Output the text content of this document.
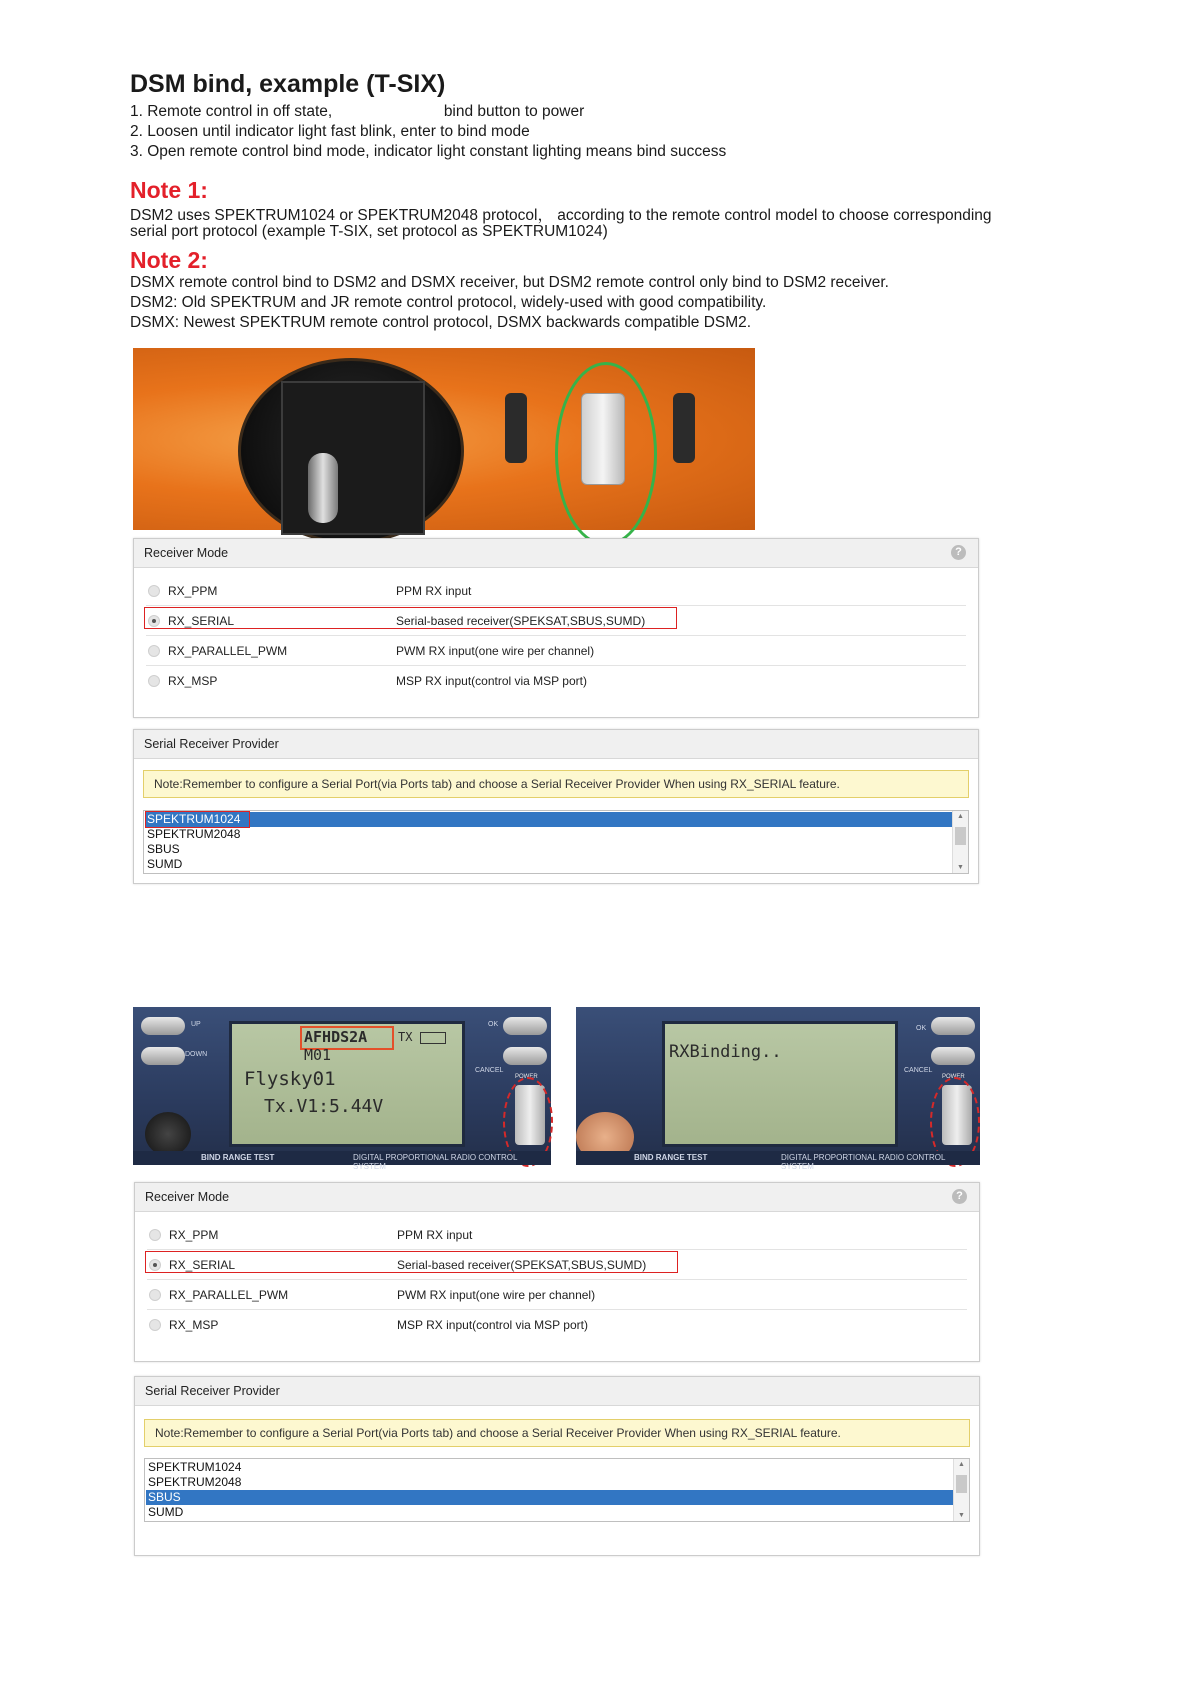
DSM bind, example (T-SIX)
1. Remote control in off state,	bind button to power
2. Loosen until indicator light fast blink, enter to bind mode
3. Open remote control bind mode, indicator light constant lighting means bind success
Note 1:
DSM2 uses SPEKTRUM1024 or SPEKTRUM2048 protocol， according to the remote control model to choose corresponding
serial port protocol (example T-SIX, set protocol as SPEKTRUM1024)
Note 2:
DSMX remote control bind to DSM2 and DSMX receiver, but DSM2 remote control only bind to DSM2 receiver.
DSM2: Old SPEKTRUM and JR remote control protocol, widely-used with good compatibility.
DSMX: Newest SPEKTRUM remote control protocol, DSMX backwards compatible DSM2.
Receiver Mode	?
RX_PPM	PPM RX input
RX_SERIAL	Serial-based receiver(SPEKSAT,SBUS,SUMD)
RX_PARALLEL_PWM	PWM RX input(one wire per channel)
RX_MSP	MSP RX input(control via MSP port)
Serial Receiver Provider
Note:Remember to configure a Serial Port(via Ports tab) and choose a Serial Receiver Provider When using RX_SERIAL feature.
SPEKTRUM1024
SPEKTRUM2048
SBUS
SUMD
▲
▼
UP
DOWN
AFHDS2A	TX
M01
Flysky01
Tx.V1:5.44V
OK
CANCEL
POWER
BIND RANGE TEST	DIGITAL PROPORTIONAL RADIO CONTROL SYSTEM
RXBinding..
OK
CANCEL
POWER
BIND RANGE TEST	DIGITAL PROPORTIONAL RADIO CONTROL SYSTEM
Receiver Mode	?
RX_PPM	PPM RX input
RX_SERIAL	Serial-based receiver(SPEKSAT,SBUS,SUMD)
RX_PARALLEL_PWM	PWM RX input(one wire per channel)
RX_MSP	MSP RX input(control via MSP port)
Serial Receiver Provider
Note:Remember to configure a Serial Port(via Ports tab) and choose a Serial Receiver Provider When using RX_SERIAL feature.
SPEKTRUM1024
SPEKTRUM2048
SBUS
SUMD
▲
▼
